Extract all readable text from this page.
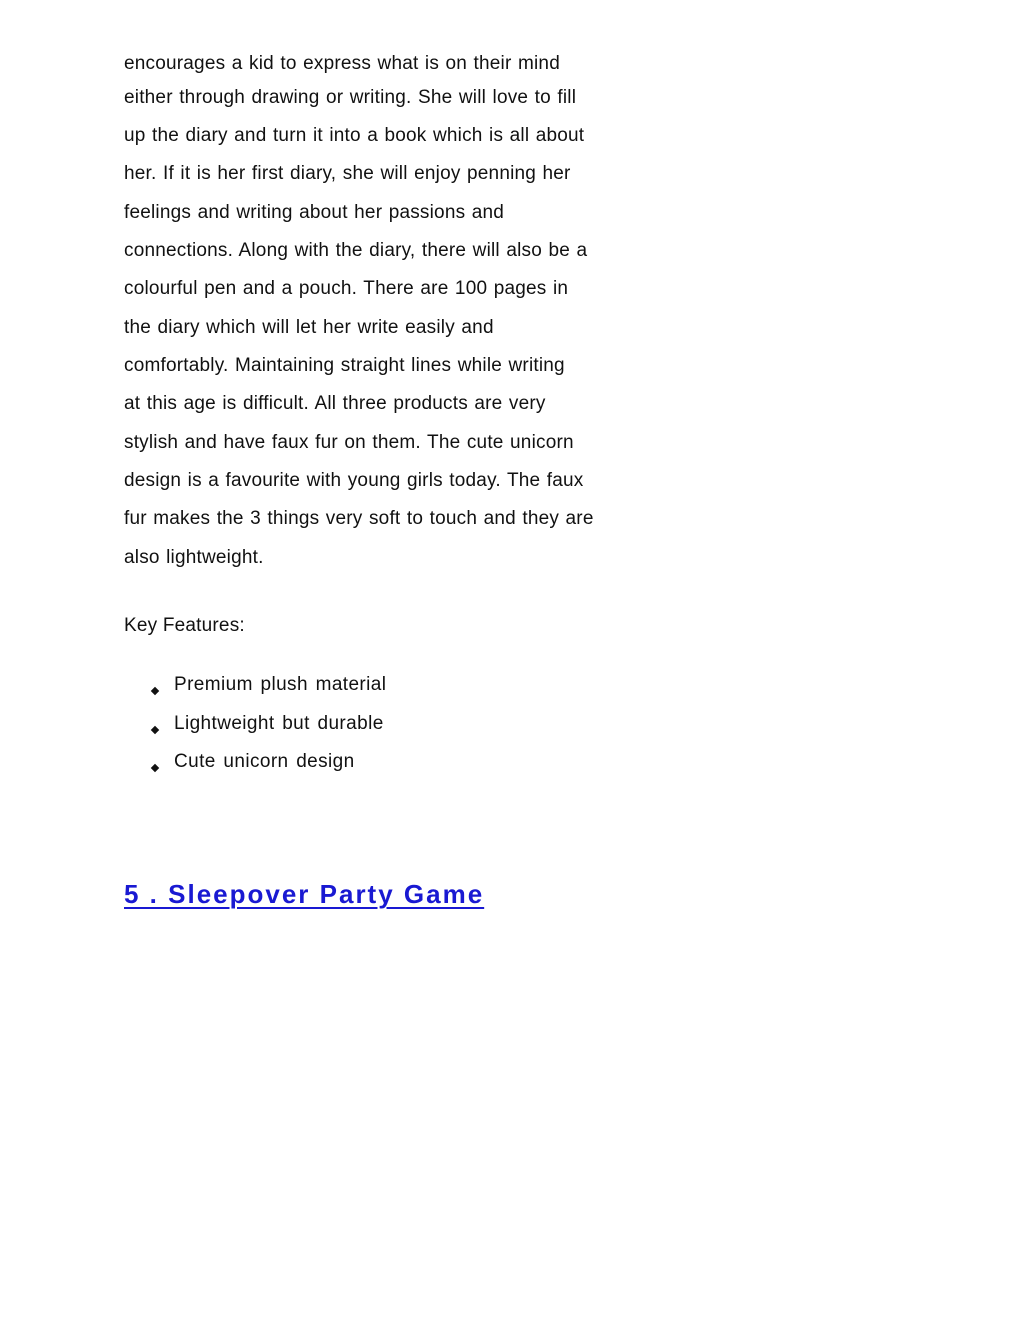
encourages a kid to express what is on their mind
either through drawing or writing. She will love to fill
up the diary and turn it into a book which is all about
her. If it is her first diary, she will enjoy penning her
feelings and writing about her passions and
connections. Along with the diary, there will also be a
colourful pen and a pouch. There are 100 pages in
the diary which will let her write easily and
comfortably. Maintaining straight lines while writing
at this age is difficult. All three products are very
stylish and have faux fur on them. The cute unicorn
design is a favourite with young girls today. The faux
fur makes the 3 things very soft to touch and they are
also lightweight.
Key Features:
Premium plush material
Lightweight but durable
Cute unicorn design
5 . Sleepover Party Game
